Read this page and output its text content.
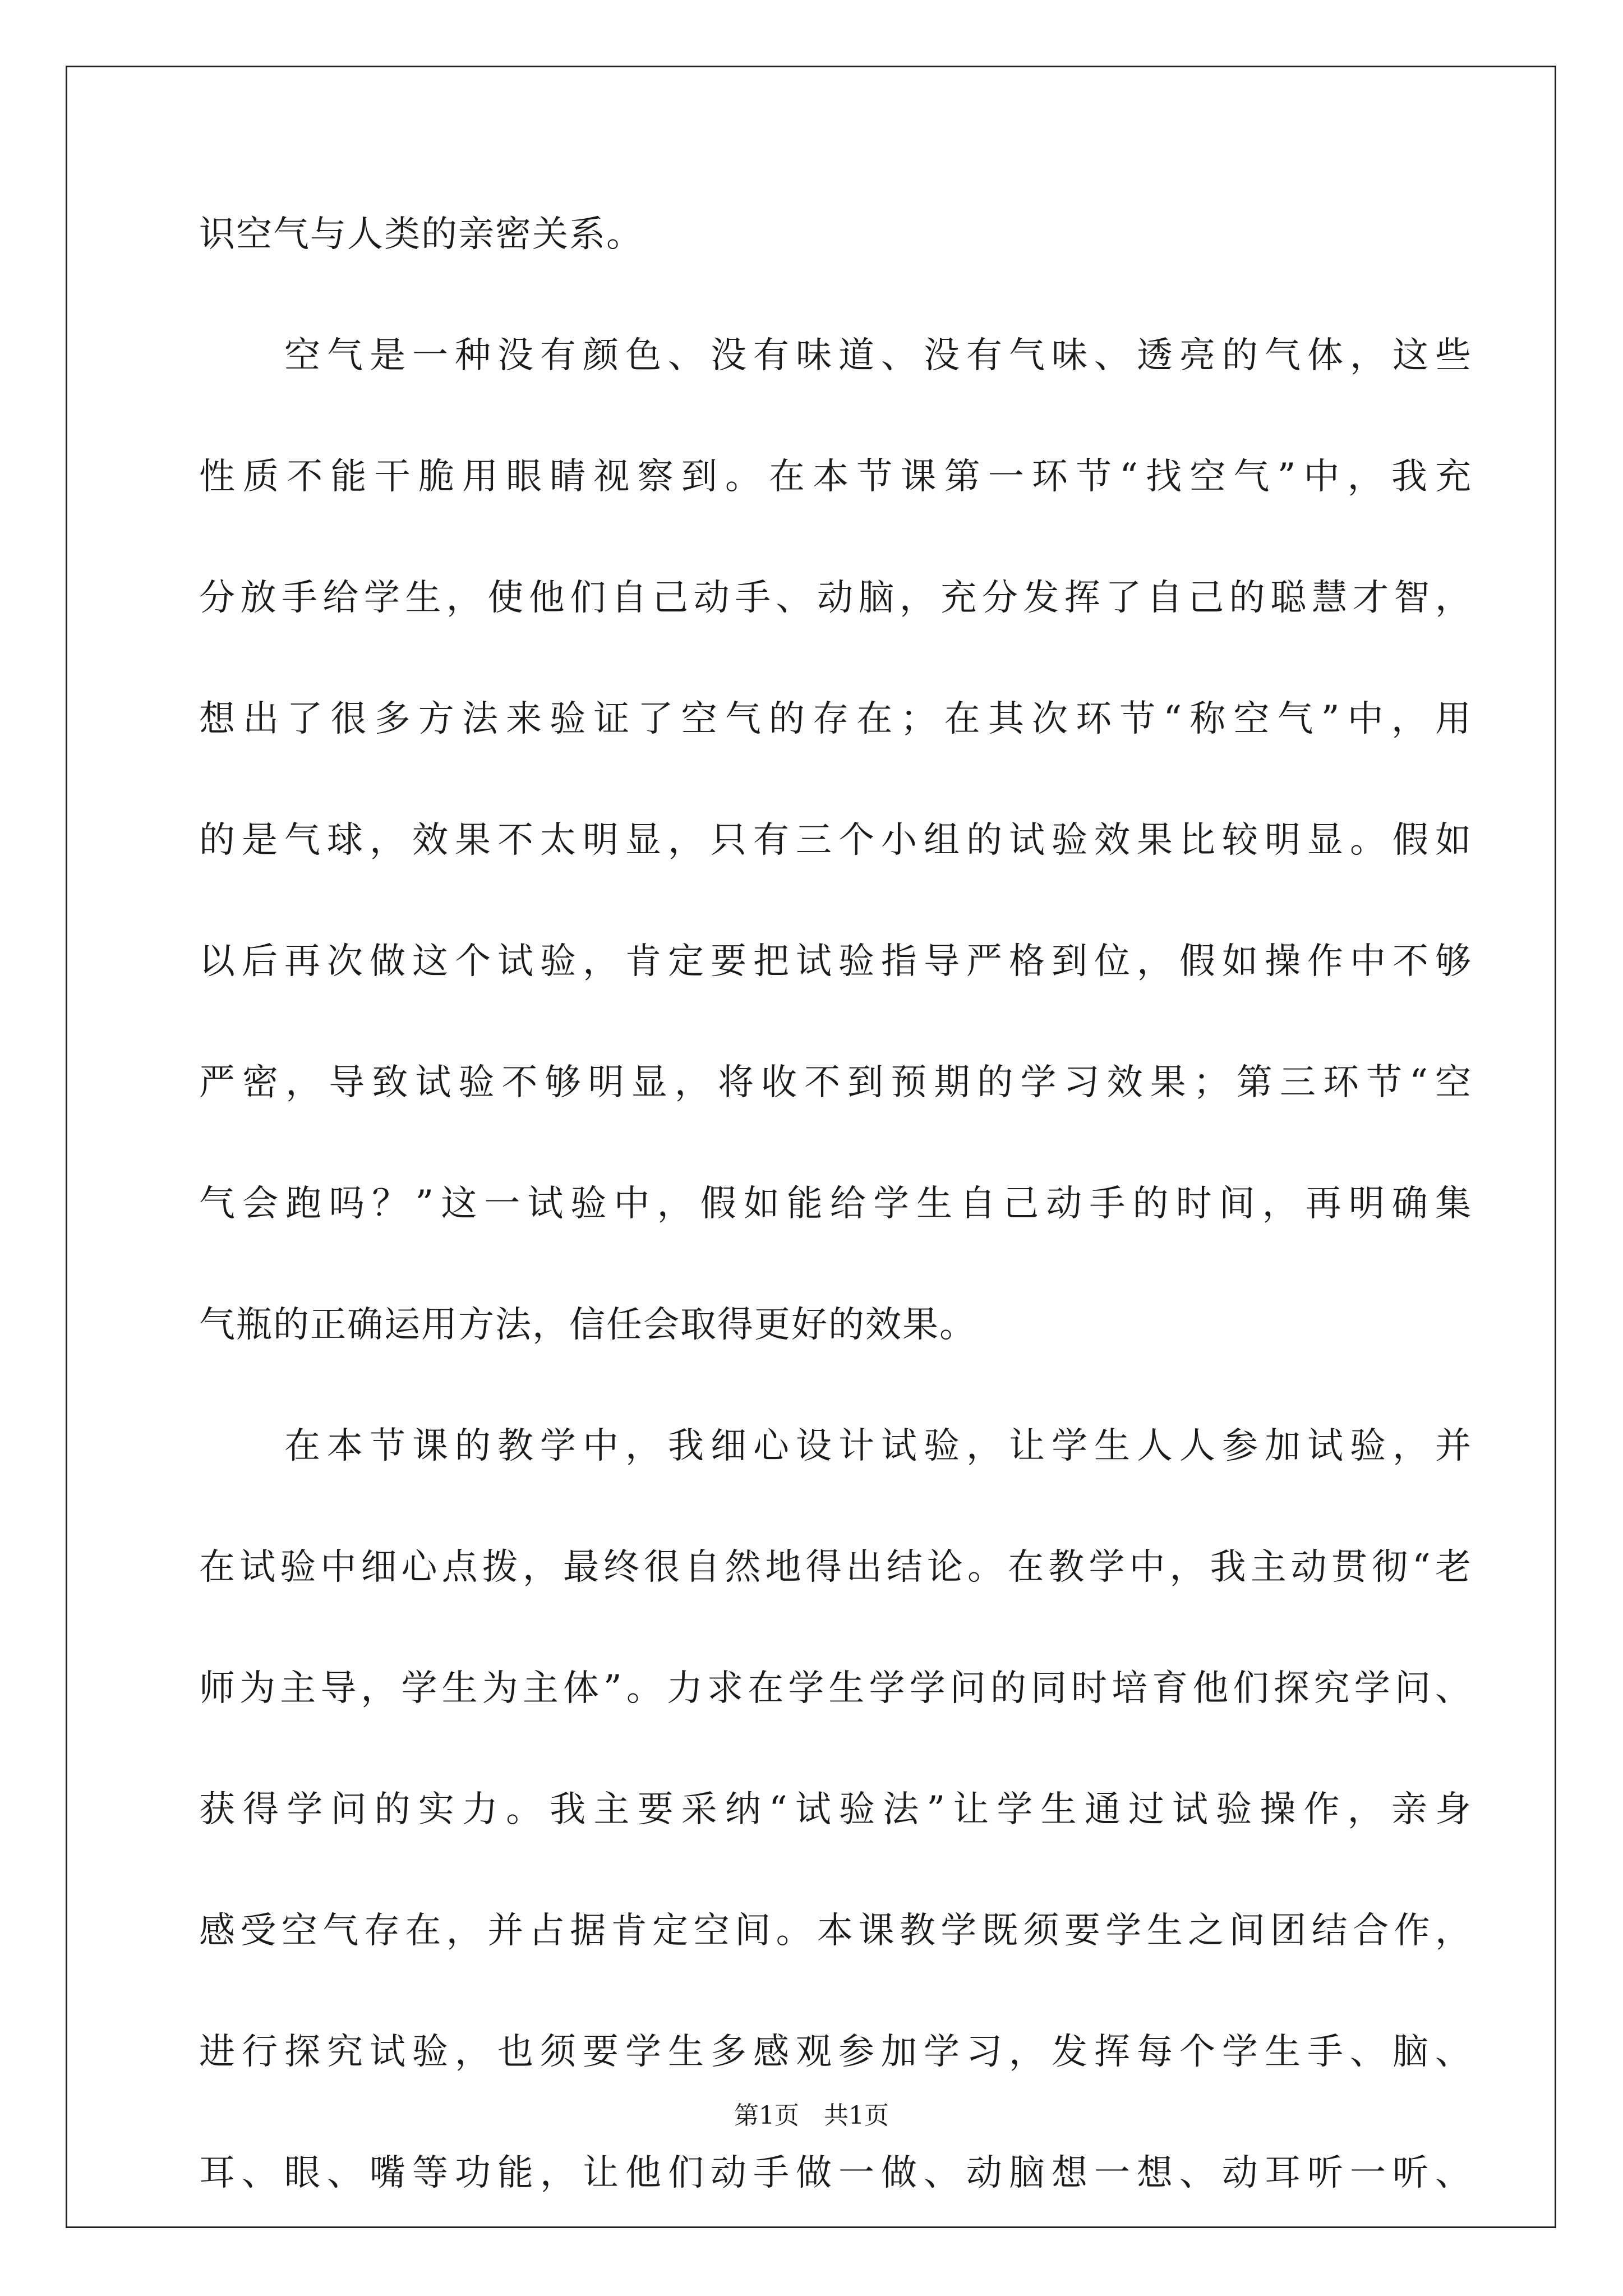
识空气与人类的亲密关系。
　　空气是一种没有颜色、没有味道、没有气味、透亮的气体，这些
性质不能干脆用眼睛视察到。在本节课第一环节“找空气”中，我充
分放手给学生，使他们自己动手、动脑，充分发挥了自己的聪慧才智，
想出了很多方法来验证了空气的存在；在其次环节“称空气”中，用
的是气球，效果不太明显，只有三个小组的试验效果比较明显。假如
以后再次做这个试验，肯定要把试验指导严格到位，假如操作中不够
严密，导致试验不够明显，将收不到预期的学习效果；第三环节“空
气会跑吗？”这一试验中，假如能给学生自己动手的时间，再明确集
气瓶的正确运用方法，信任会取得更好的效果。
　　在本节课的教学中，我细心设计试验，让学生人人参加试验，并
在试验中细心点拨，最终很自然地得出结论。在教学中，我主动贯彻“老
师为主导，学生为主体”。力求在学生学学问的同时培育他们探究学问、
获得学问的实力。我主要采纳“试验法”让学生通过试验操作，亲身
感受空气存在，并占据肯定空间。本课教学既须要学生之间团结合作，
进行探究试验，也须要学生多感观参加学习，发挥每个学生手、脑、
耳、眼、嘴等功能，让他们动手做一做、动脑想一想、动耳听一听、
第1页 共1页
